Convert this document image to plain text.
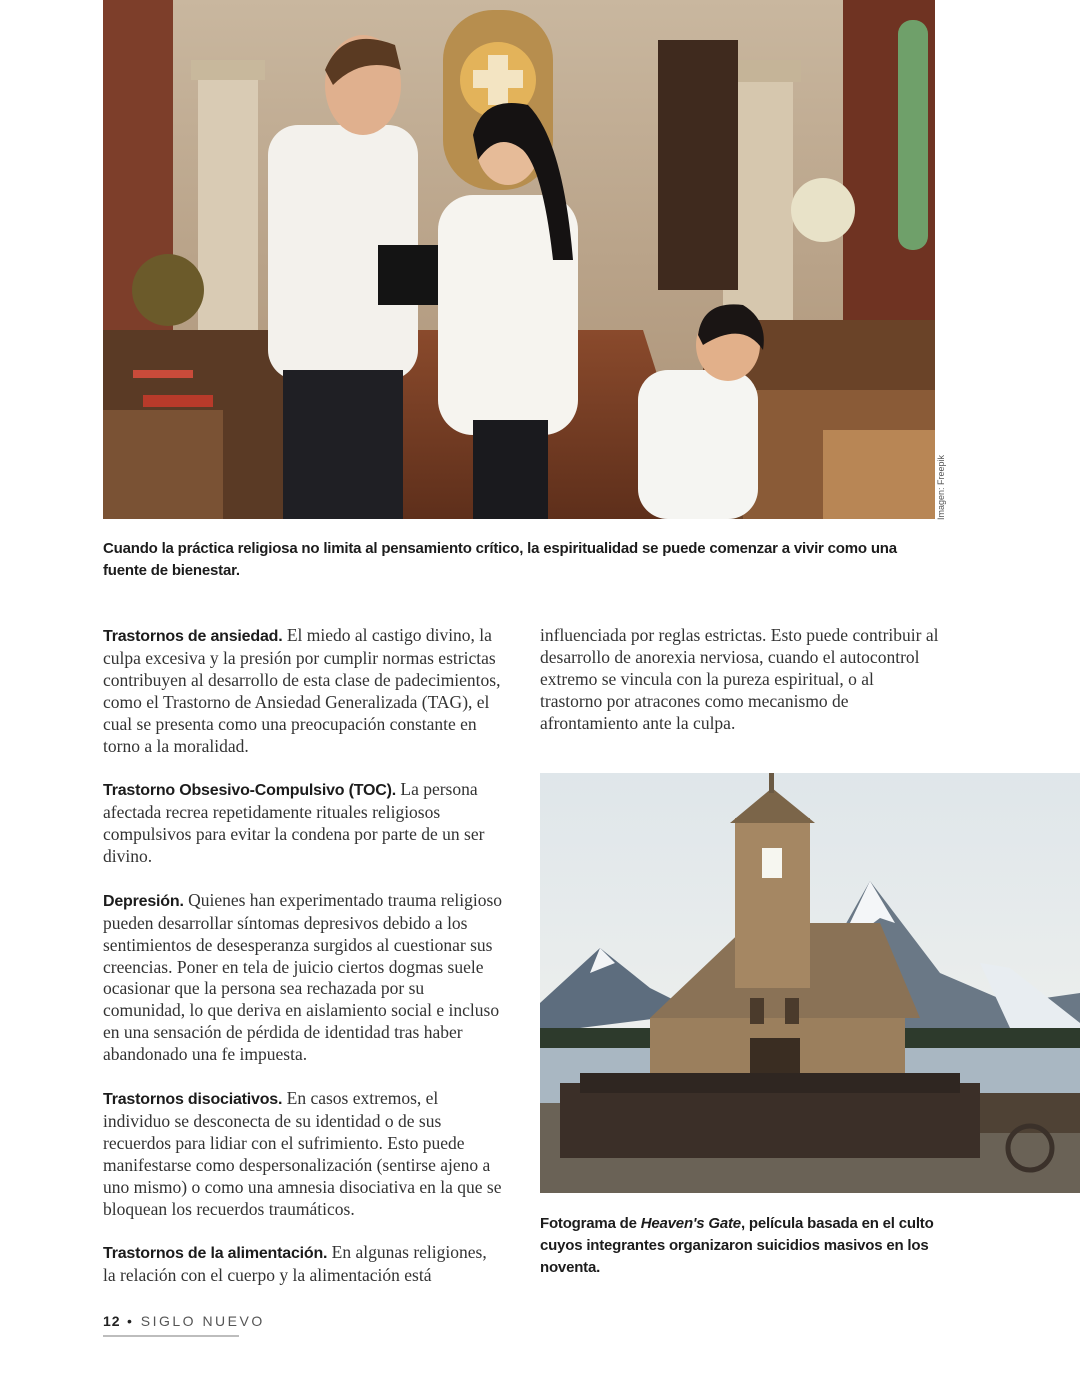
Imagen: Freepik
Cuando la práctica religiosa no limita al pensamiento crítico, la espiritualidad se puede comenzar a vivir como una fuente de bienestar.

Trastornos de ansiedad. El miedo al castigo divino, la culpa excesiva y la presión por cumplir normas estrictas contribuyen al desarrollo de esta clase de padecimientos, como el Trastorno de Ansiedad Generalizada (TAG), el cual se presenta como una preocupación constante en torno a la moralidad.

Trastorno Obsesivo-Compulsivo (TOC). La persona afectada recrea repetidamente rituales religiosos compulsivos para evitar la condena por parte de un ser divino.

Depresión. Quienes han experimentado trauma religioso pueden desarrollar síntomas depresivos debido a los sentimientos de desesperanza surgidos al cuestionar sus creencias. Poner en tela de juicio ciertos dogmas suele ocasionar que la persona sea rechazada por su comunidad, lo que deriva en aislamiento social e incluso en una sensación de pérdida de identidad tras haber abandonado una fe impuesta.

Trastornos disociativos. En casos extremos, el individuo se desconecta de su identidad o de sus recuerdos para lidiar con el sufrimiento. Esto puede manifestarse como despersonalización (sentirse ajeno a uno mismo) o como una amnesia disociativa en la que se bloquean los recuerdos traumáticos.

Trastornos de la alimentación. En algunas religiones, la relación con el cuerpo y la alimentación está

influenciada por reglas estrictas. Esto puede contribuir al desarrollo de anorexia nerviosa, cuando el autocontrol extremo se vincula con la pureza espiritual, o al trastorno por atracones como mecanismo de afrontamiento ante la culpa.

Fotograma de Heaven's Gate, película basada en el culto cuyos integrantes organizaron suicidios masivos en los noventa.
12 • SIGLO NUEVO
